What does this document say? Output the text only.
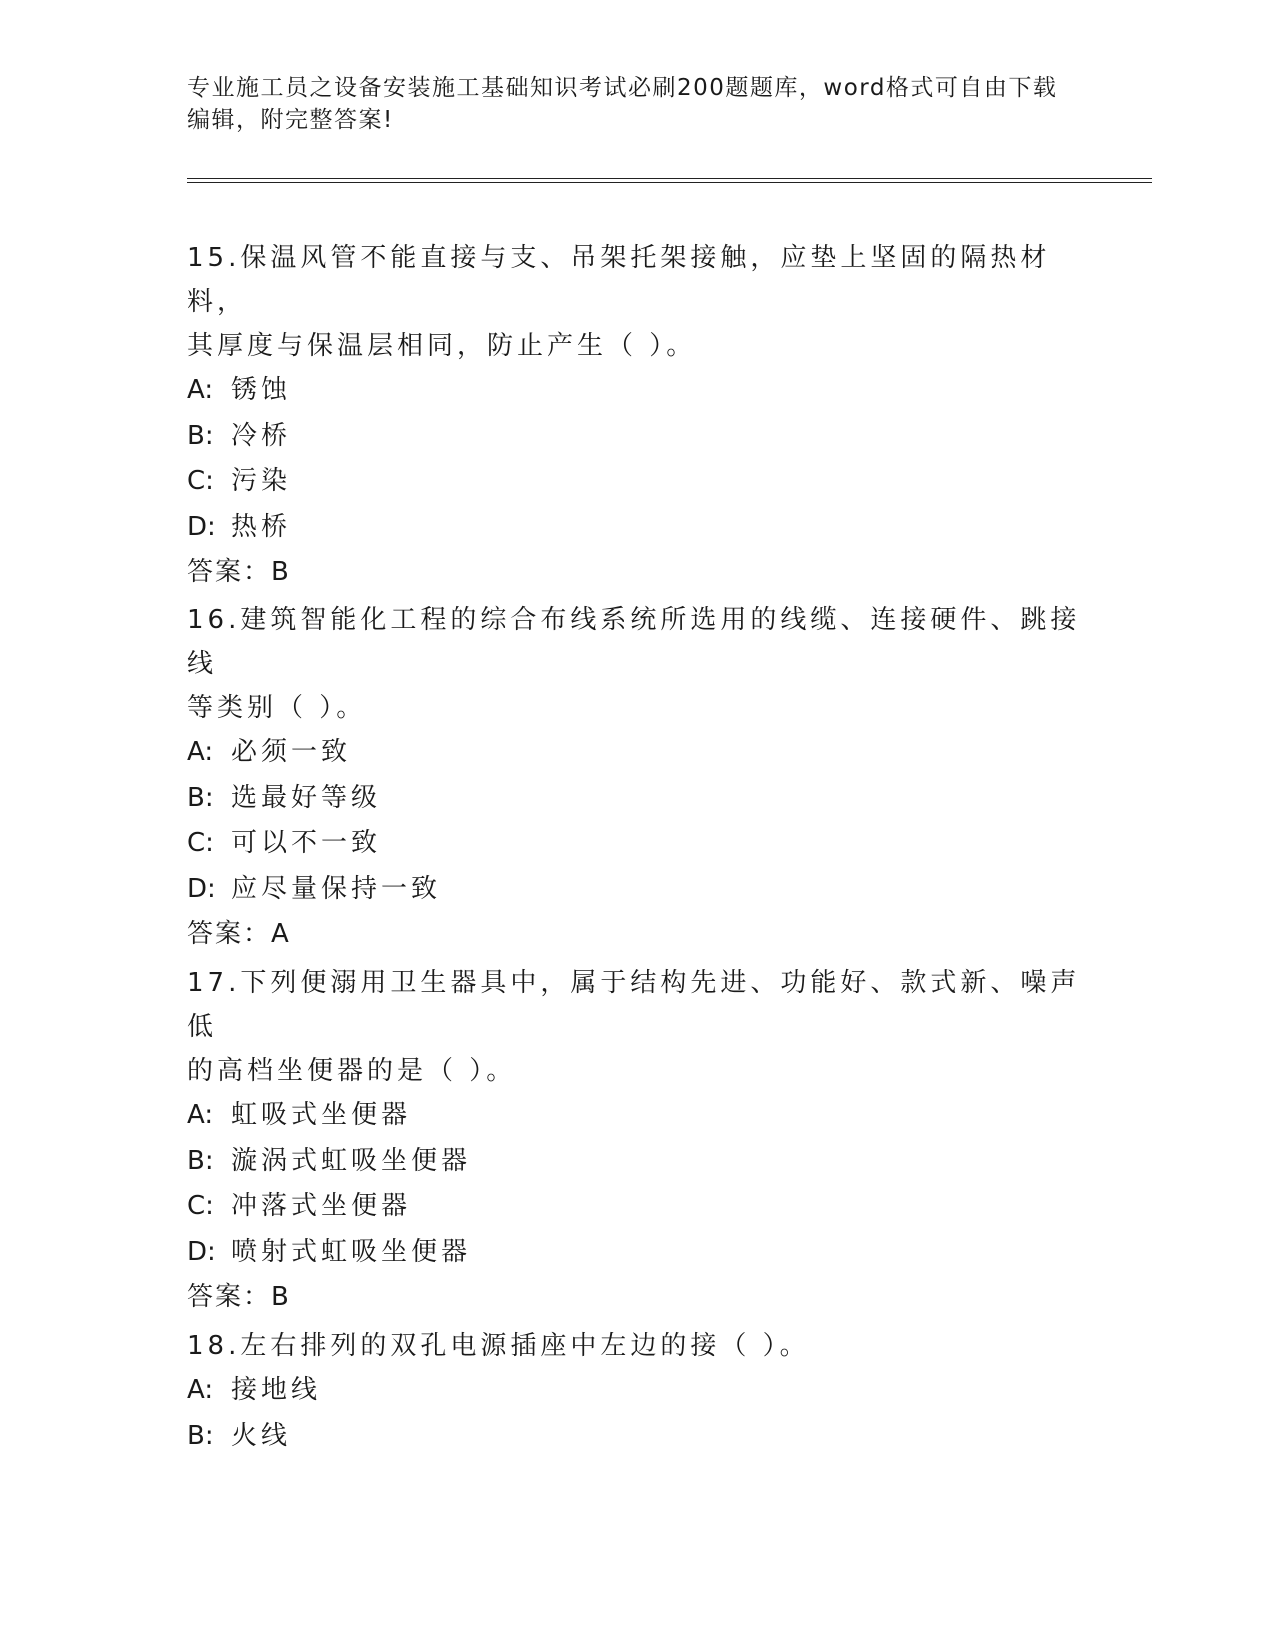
专业施工员之设备安装施工基础知识考试必刷200题题库，word格式可自由下载
编辑，附完整答案!

15.保温风管不能直接与支、吊架托架接触，应垫上坚固的隔热材料，
其厚度与保温层相同，防止产生（ ）。

A: 锈蚀
B: 冷桥
C: 污染
D: 热桥
答案：B

16.建筑智能化工程的综合布线系统所选用的线缆、连接硬件、跳接线
等类别（ ）。

A: 必须一致
B: 选最好等级
C: 可以不一致
D: 应尽量保持一致
答案：A

17.下列便溺用卫生器具中，属于结构先进、功能好、款式新、噪声低
的高档坐便器的是（ ）。

A: 虹吸式坐便器
B: 漩涡式虹吸坐便器
C: 冲落式坐便器
D: 喷射式虹吸坐便器
答案：B

18.左右排列的双孔电源插座中左边的接（ ）。

A: 接地线
B: 火线
